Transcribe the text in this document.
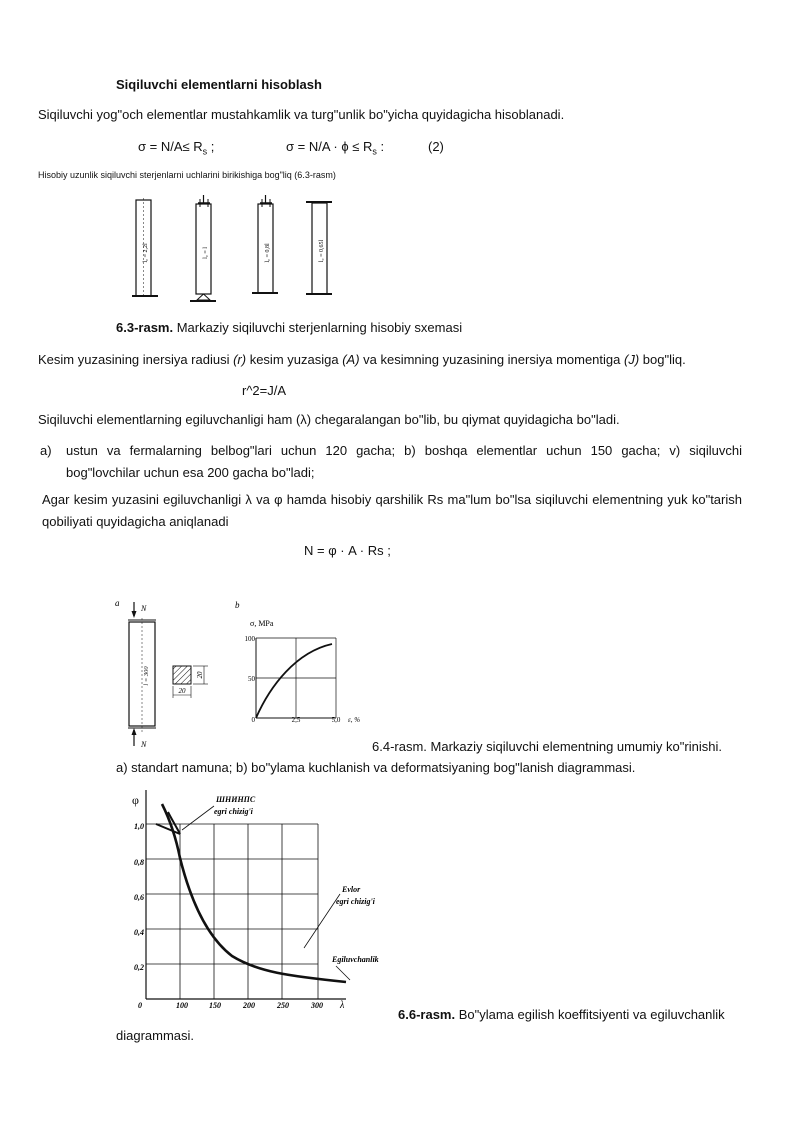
Siqiluvchi elementlarni hisoblash
Siqiluvchi yog"och elementlar mustahkamlik va turg"unlik bo"yicha quyidagicha hisoblanadi.
$\sigma = N/A\le R_s$ ;	$\sigma = N/A \cdot \phi \le R_s$ :	(2)
Hisobiy uzunlik siqiluvchi sterjenlarni uchlarini birikishiga bog"liq (6.3-rasm)
l₀ = 2,2l	l₀ = l	l₀ = 0,8l	l₀ = 0,65l
6.3-rasm. Markaziy siqiluvchi sterjenlarning hisobiy sxemasi
Kesim yuzasining inersiya radiusi (r) kesim yuzasiga (A) va kesimning yuzasining inersiya momentiga (J) bog"liq.
r^2=J/A
Siqiluvchi elementlarning egiluvchanligi ham (λ) chegaralangan bo"lib, bu qiymat quyidagicha bo"ladi.
a) ustun va fermalarning belbog"lari uchun 120 gacha; b) boshqa elementlar uchun 150 gacha; v) siqiluvchi bog"lovchilar uchun esa 200 gacha bo"ladi;
Agar kesim yuzasini egiluvchanligi λ va φ hamda hisobiy qarshilik Rs ma"lum bo"lsa siqiluvchi elementning yuk ko"tarish qobiliyati quyidagicha aniqlanadi
N = φ · A · Rs ;
a
N
N
l = 300	20
20
b
σ, MPa
100
50
0	2,5	5,0 ε, %
6.4-rasm. Markaziy siqiluvchi elementning umumiy ko"rinishi.
a) standart namuna; b) bo"ylama kuchlanish va deformatsiyaning bog"lanish diagrammasi.
φ
1,0
0,8
0,6
0,4
0,2
0	100	150	200	250	300 λ
ШНИНПС
egri chizig'i
Evlor
egri chizig'i
Egiluvchanlik
6.6-rasm. Bo"ylama egilish koeffitsiyenti va egiluvchanlik
diagrammasi.
